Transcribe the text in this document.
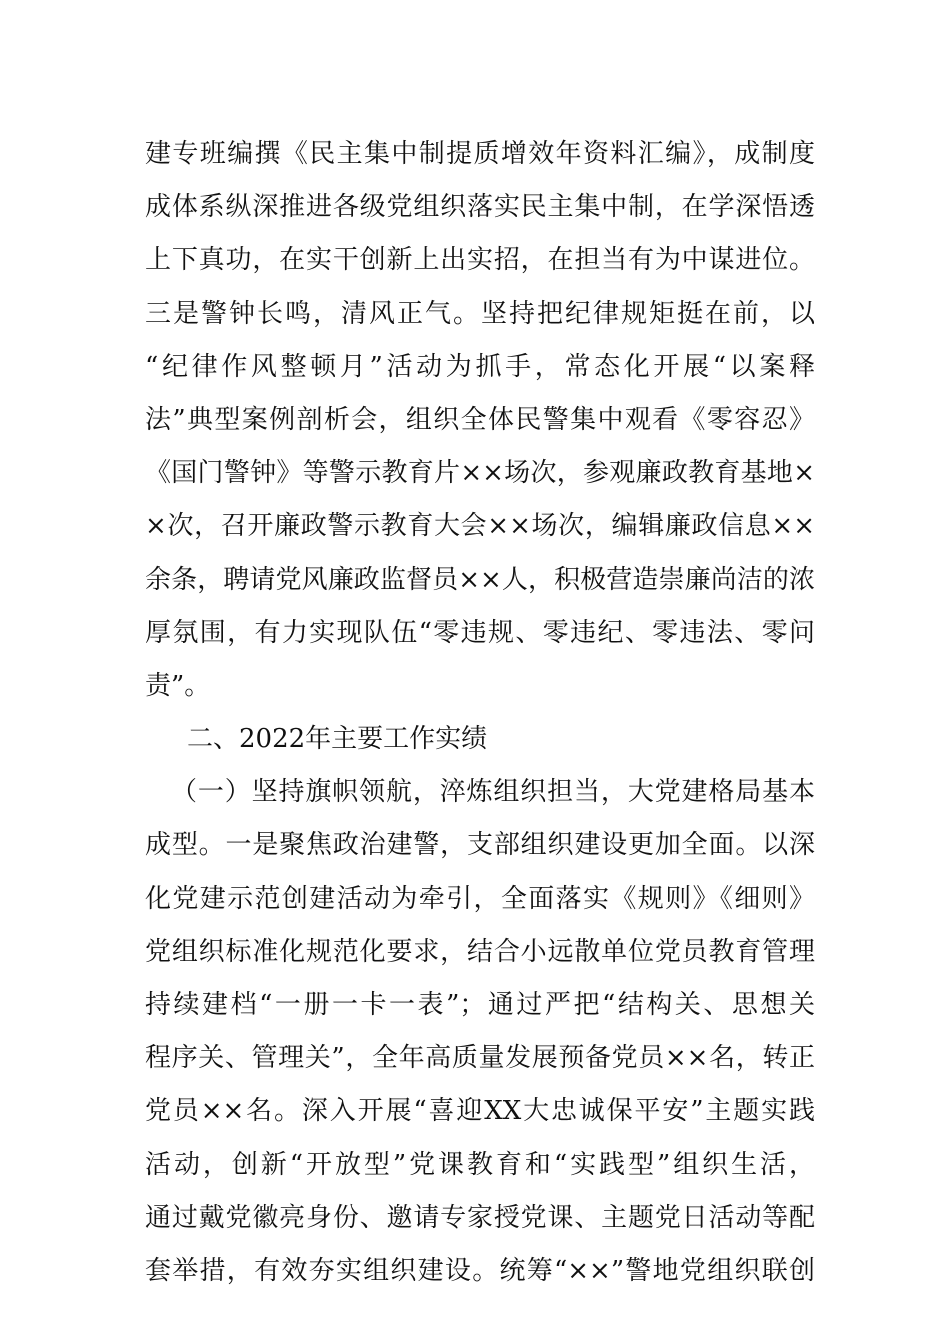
建专班编撰《民主集中制提质增效年资料汇编》，成制度
成体系纵深推进各级党组织落实民主集中制，在学深悟透
上下真功，在实干创新上出实招，在担当有为中谋进位。
三是警钟长鸣，清风正气。坚持把纪律规矩挺在前，以
“纪律作风整顿月”活动为抓手，常态化开展“以案释
法”典型案例剖析会，组织全体民警集中观看《零容忍》
《国门警钟》等警示教育片××场次，参观廉政教育基地×
×次，召开廉政警示教育大会××场次，编辑廉政信息××
余条，聘请党风廉政监督员××人，积极营造崇廉尚洁的浓
厚氛围，有力实现队伍“零违规、零违纪、零违法、零问
责”。
二、2022年主要工作实绩
（一）坚持旗帜领航，淬炼组织担当，大党建格局基本
成型。一是聚焦政治建警，支部组织建设更加全面。以深
化党建示范创建活动为牵引，全面落实《规则》《细则》
党组织标准化规范化要求，结合小远散单位党员教育管理
持续建档“一册一卡一表”；通过严把“结构关、思想关
程序关、管理关”，全年高质量发展预备党员××名，转正
党员××名。深入开展“喜迎XX大忠诚保平安”主题实践
活动，创新“开放型”党课教育和“实践型”组织生活，
通过戴党徽亮身份、邀请专家授党课、主题党日活动等配
套举措，有效夯实组织建设。统筹“××”警地党组织联创
